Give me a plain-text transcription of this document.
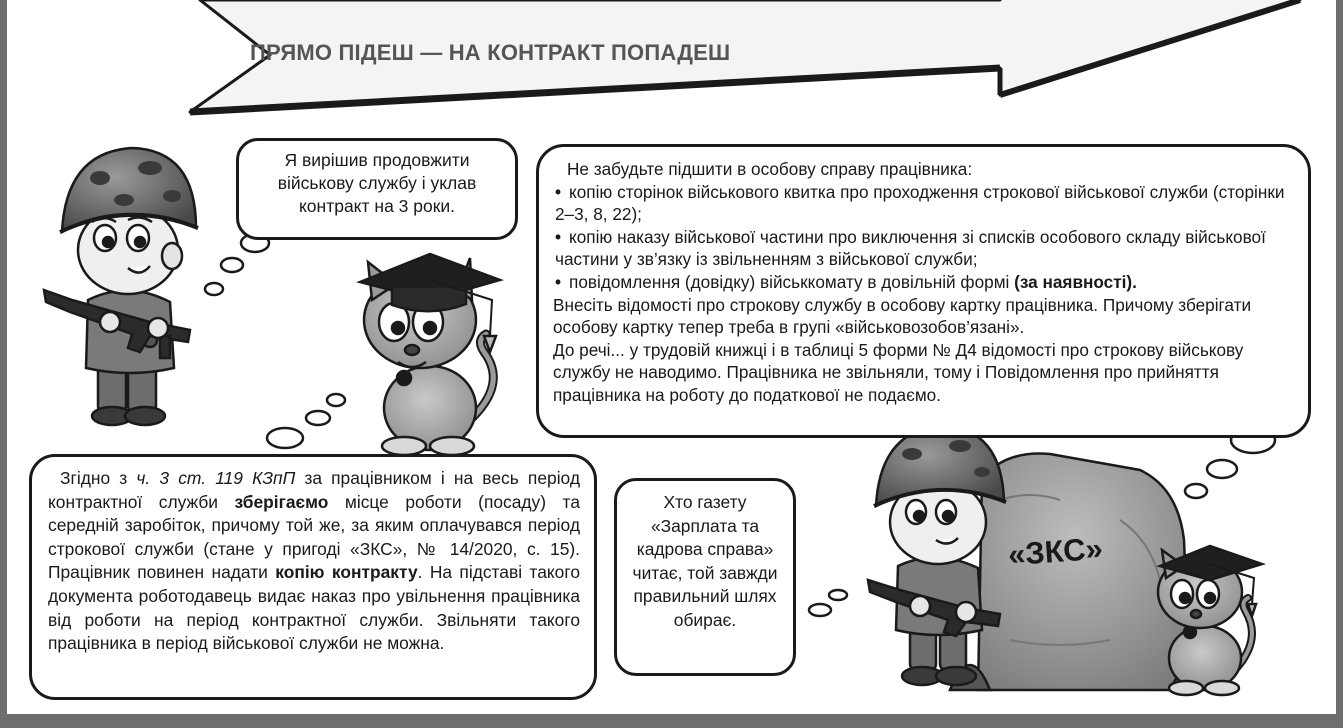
ПРЯМО ПІДЕШ — НА КОНТРАКТ ПОПАДЕШ
«ЗКС»
Я вирішив продовжити військову службу і уклав контракт на 3 роки.

Не забудьте підшити в особову справу працівника:

• копію сторінок військового квитка про проходження строкової військової служби (сторінки 2–3, 8, 22);
• копію наказу військової частини про виключення зі списків особового складу військової частини у зв’язку із звільненням з військової служби;
• повідомлення (довідку) військкомату в довільній формі (за наявності).

Внесіть відомості про строкову службу в особову картку працівника. Причому зберігати особову картку тепер треба в групі «військовозобов’язані».

До речі... у трудовій книжці і в таблиці 5 форми № Д4 відомості про строкову військову службу не наводимо. Працівника не звільняли, тому і Повідомлення про прийняття працівника на роботу до податкової не подаємо.

Згідно з ч. 3 ст. 119 КЗпП за працівником і на весь період контрактної служби зберігаємо місце роботи (посаду) та середній заробіток, причому той же, за яким оплачувався період строкової служби (стане у пригоді «ЗКС», № 14/2020, с. 15). Працівник повинен надати копію контракту. На підставі такого документа роботодавець видає наказ про увільнення працівника від роботи на період контрактної служби. Звільняти такого працівника в період військової служби не можна.

Хто газету «Зарплата та кадрова справа» читає, той завжди правильний шлях обирає.
